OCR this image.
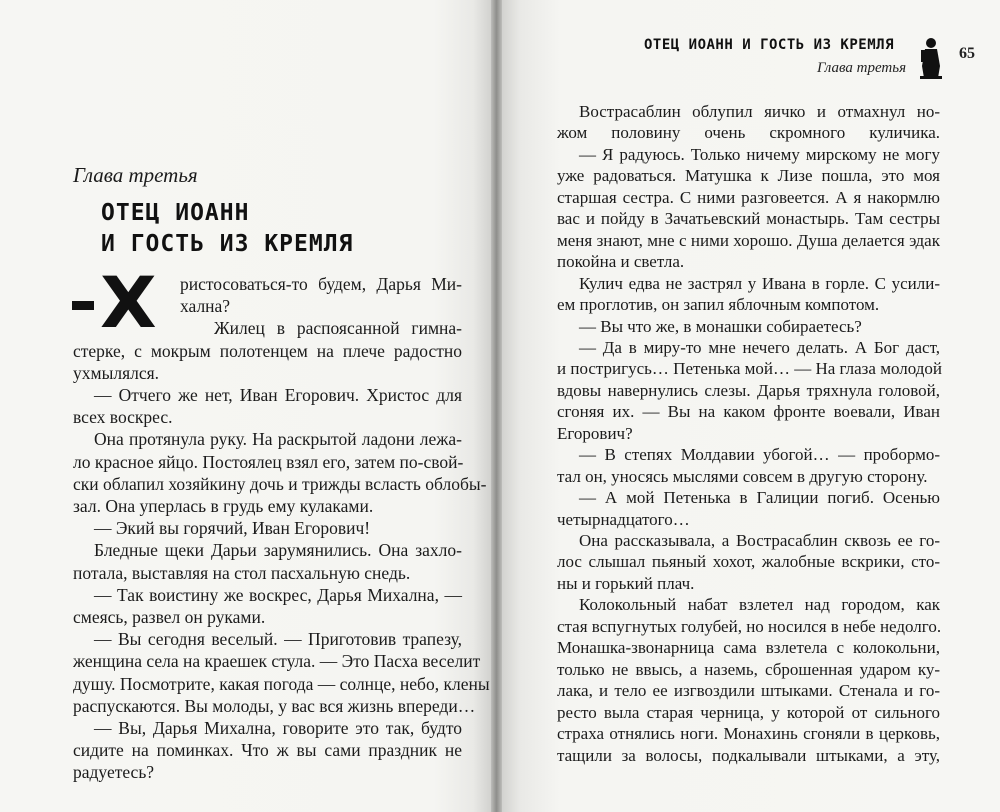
Глава третья
ОТЕЦ ИОАНН
И ГОСТЬ ИЗ КРЕМЛЯ
Х ристосоваться-то будем, Дарья Ми-
хална?
Жилец в распоясанной гимна-
стерке, с мокрым полотенцем на плече радостно
ухмылялся.
— Отчего же нет, Иван Егорович. Христос для
всех воскрес.
Она протянула руку. На раскрытой ладони лежа-
ло красное яйцо. Постоялец взял его, затем по-свой-
ски облапил хозяйкину дочь и трижды всласть облобы-
зал. Она уперлась в грудь ему кулаками.
— Экий вы горячий, Иван Егорович!
Бледные щеки Дарьи зарумянились. Она захло-
потала, выставляя на стол пасхальную снедь.
— Так воистину же воскрес, Дарья Михална, —
смеясь, развел он руками.
— Вы сегодня веселый. — Приготовив трапезу,
женщина села на краешек стула. — Это Пасха веселит
душу. Посмотрите, какая погода — солнце, небо, клены
распускаются. Вы молоды, у вас вся жизнь впереди…
— Вы, Дарья Михална, говорите это так, будто
сидите на поминках. Что ж вы сами праздник не
радуетесь?
ОТЕЦ ИОАНН И ГОСТЬ ИЗ КРЕМЛЯ
Глава третья
65
Вострасаблин облупил яичко и отмахнул но-
жом половину очень скромного куличика.
— Я радуюсь. Только ничему мирскому не могу
уже радоваться. Матушка к Лизе пошла, это моя
старшая сестра. С ними разговеется. А я накормлю
вас и пойду в Зачатьевский монастырь. Там сестры
меня знают, мне с ними хорошо. Душа делается эдак
покойна и светла.
Кулич едва не застрял у Ивана в горле. С усили-
ем проглотив, он запил яблочным компотом.
— Вы что же, в монашки собираетесь?
— Да в миру-то мне нечего делать. А Бог даст,
и постригусь… Петенька мой… — На глаза молодой
вдовы навернулись слезы. Дарья тряхнула головой,
сгоняя их. — Вы на каком фронте воевали, Иван
Егорович?
— В степях Молдавии убогой… — пробормо-
тал он, уносясь мыслями совсем в другую сторону.
— А мой Петенька в Галиции погиб. Осенью
четырнадцатого…
Она рассказывала, а Вострасаблин сквозь ее го-
лос слышал пьяный хохот, жалобные вскрики, сто-
ны и горький плач.
Колокольный набат взлетел над городом, как
стая вспугнутых голубей, но носился в небе недолго.
Монашка-звонарница сама взлетела с колокольни,
только не ввысь, а наземь, сброшенная ударом ку-
лака, и тело ее изгвоздили штыками. Стенала и го-
ресто выла старая черница, у которой от сильного
страха отнялись ноги. Монахинь сгоняли в церковь,
тащили за волосы, подкалывали штыками, а эту,
